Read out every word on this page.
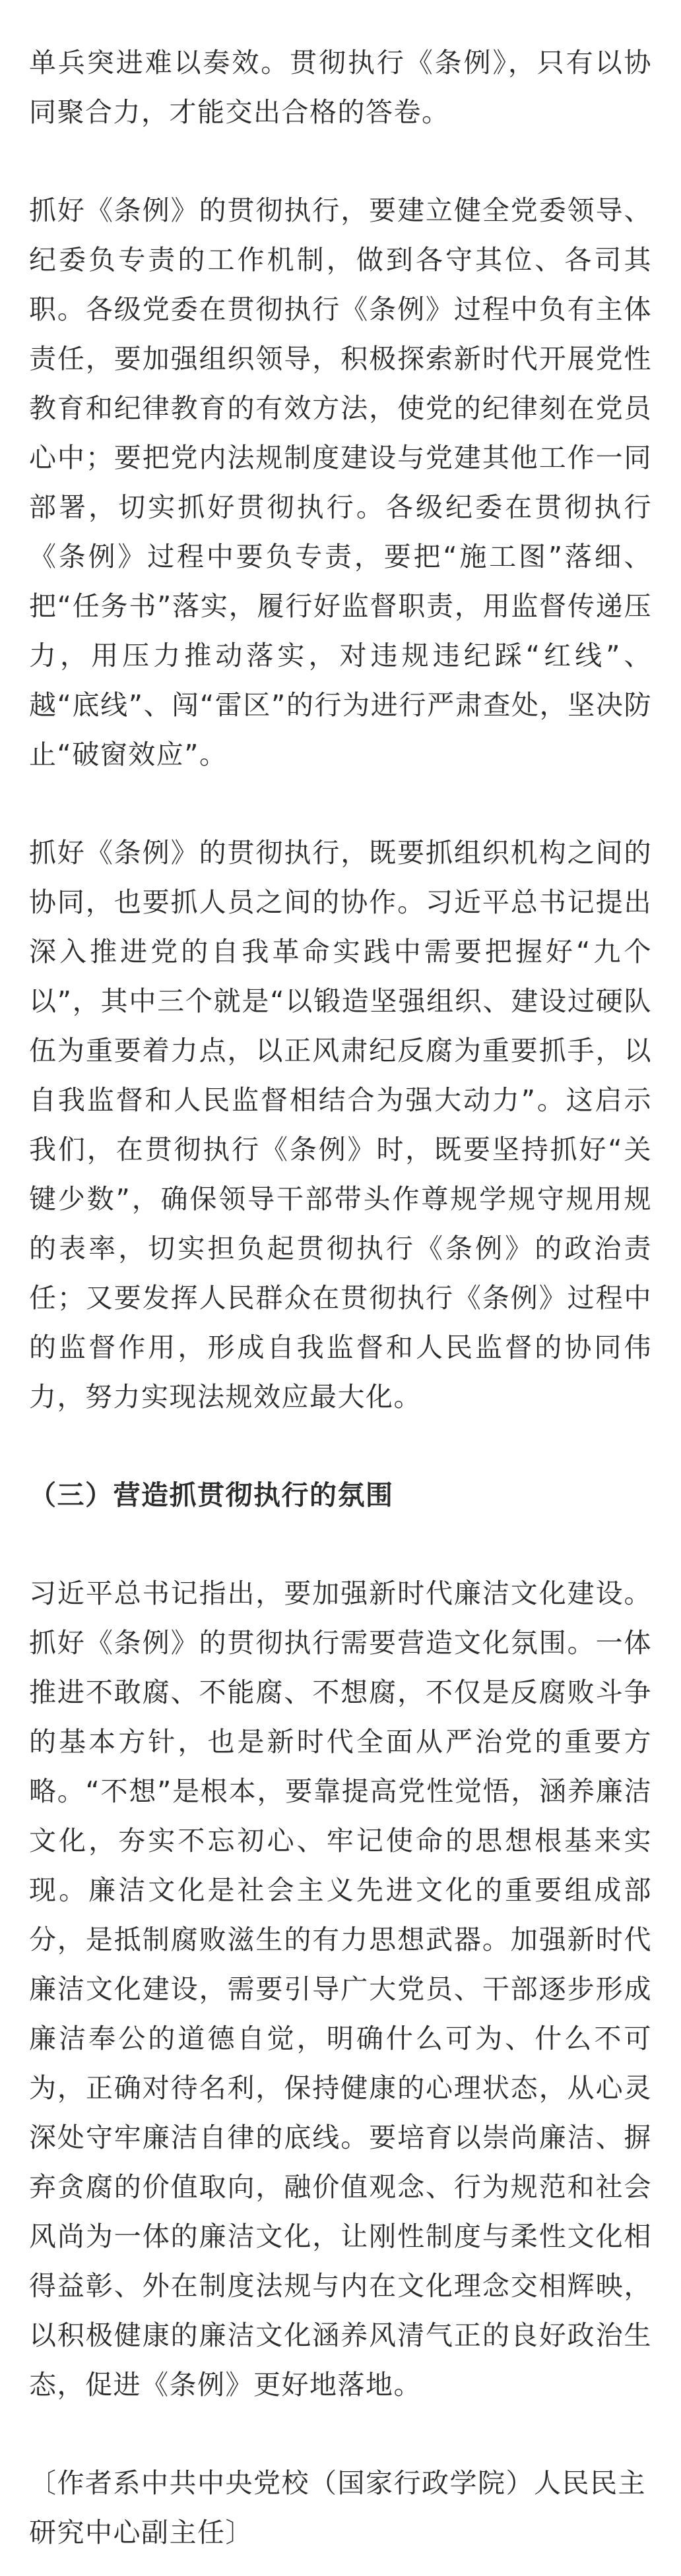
单兵突进难以奏效。贯彻执行《条例》，只有以协同聚合力，才能交出合格的答卷。

抓好《条例》的贯彻执行，要建立健全党委领导、纪委负专责的工作机制，做到各守其位、各司其职。各级党委在贯彻执行《条例》过程中负有主体责任，要加强组织领导，积极探索新时代开展党性教育和纪律教育的有效方法，使党的纪律刻在党员心中；要把党内法规制度建设与党建其他工作一同部署，切实抓好贯彻执行。各级纪委在贯彻执行《条例》过程中要负专责，要把“施工图”落细、把“任务书”落实，履行好监督职责，用监督传递压力，用压力推动落实，对违规违纪踩“红线”、越“底线”、闯“雷区”的行为进行严肃查处，坚决防止“破窗效应”。

抓好《条例》的贯彻执行，既要抓组织机构之间的协同，也要抓人员之间的协作。习近平总书记提出深入推进党的自我革命实践中需要把握好“九个以”，其中三个就是“以锻造坚强组织、建设过硬队伍为重要着力点，以正风肃纪反腐为重要抓手，以自我监督和人民监督相结合为强大动力”。这启示我们，在贯彻执行《条例》时，既要坚持抓好“关键少数”，确保领导干部带头作尊规学规守规用规的表率，切实担负起贯彻执行《条例》的政治责任；又要发挥人民群众在贯彻执行《条例》过程中的监督作用，形成自我监督和人民监督的协同伟力，努力实现法规效应最大化。

（三）营造抓贯彻执行的氛围

习近平总书记指出，要加强新时代廉洁文化建设。抓好《条例》的贯彻执行需要营造文化氛围。一体推进不敢腐、不能腐、不想腐，不仅是反腐败斗争的基本方针，也是新时代全面从严治党的重要方略。“不想”是根本，要靠提高党性觉悟，涵养廉洁文化，夯实不忘初心、牢记使命的思想根基来实现。廉洁文化是社会主义先进文化的重要组成部分，是抵制腐败滋生的有力思想武器。加强新时代廉洁文化建设，需要引导广大党员、干部逐步形成廉洁奉公的道德自觉，明确什么可为、什么不可为，正确对待名利，保持健康的心理状态，从心灵深处守牢廉洁自律的底线。要培育以崇尚廉洁、摒弃贪腐的价值取向，融价值观念、行为规范和社会风尚为一体的廉洁文化，让刚性制度与柔性文化相得益彰、外在制度法规与内在文化理念交相辉映，以积极健康的廉洁文化涵养风清气正的良好政治生态，促进《条例》更好地落地。

〔作者系中共中央党校（国家行政学院）人民民主研究中心副主任〕
